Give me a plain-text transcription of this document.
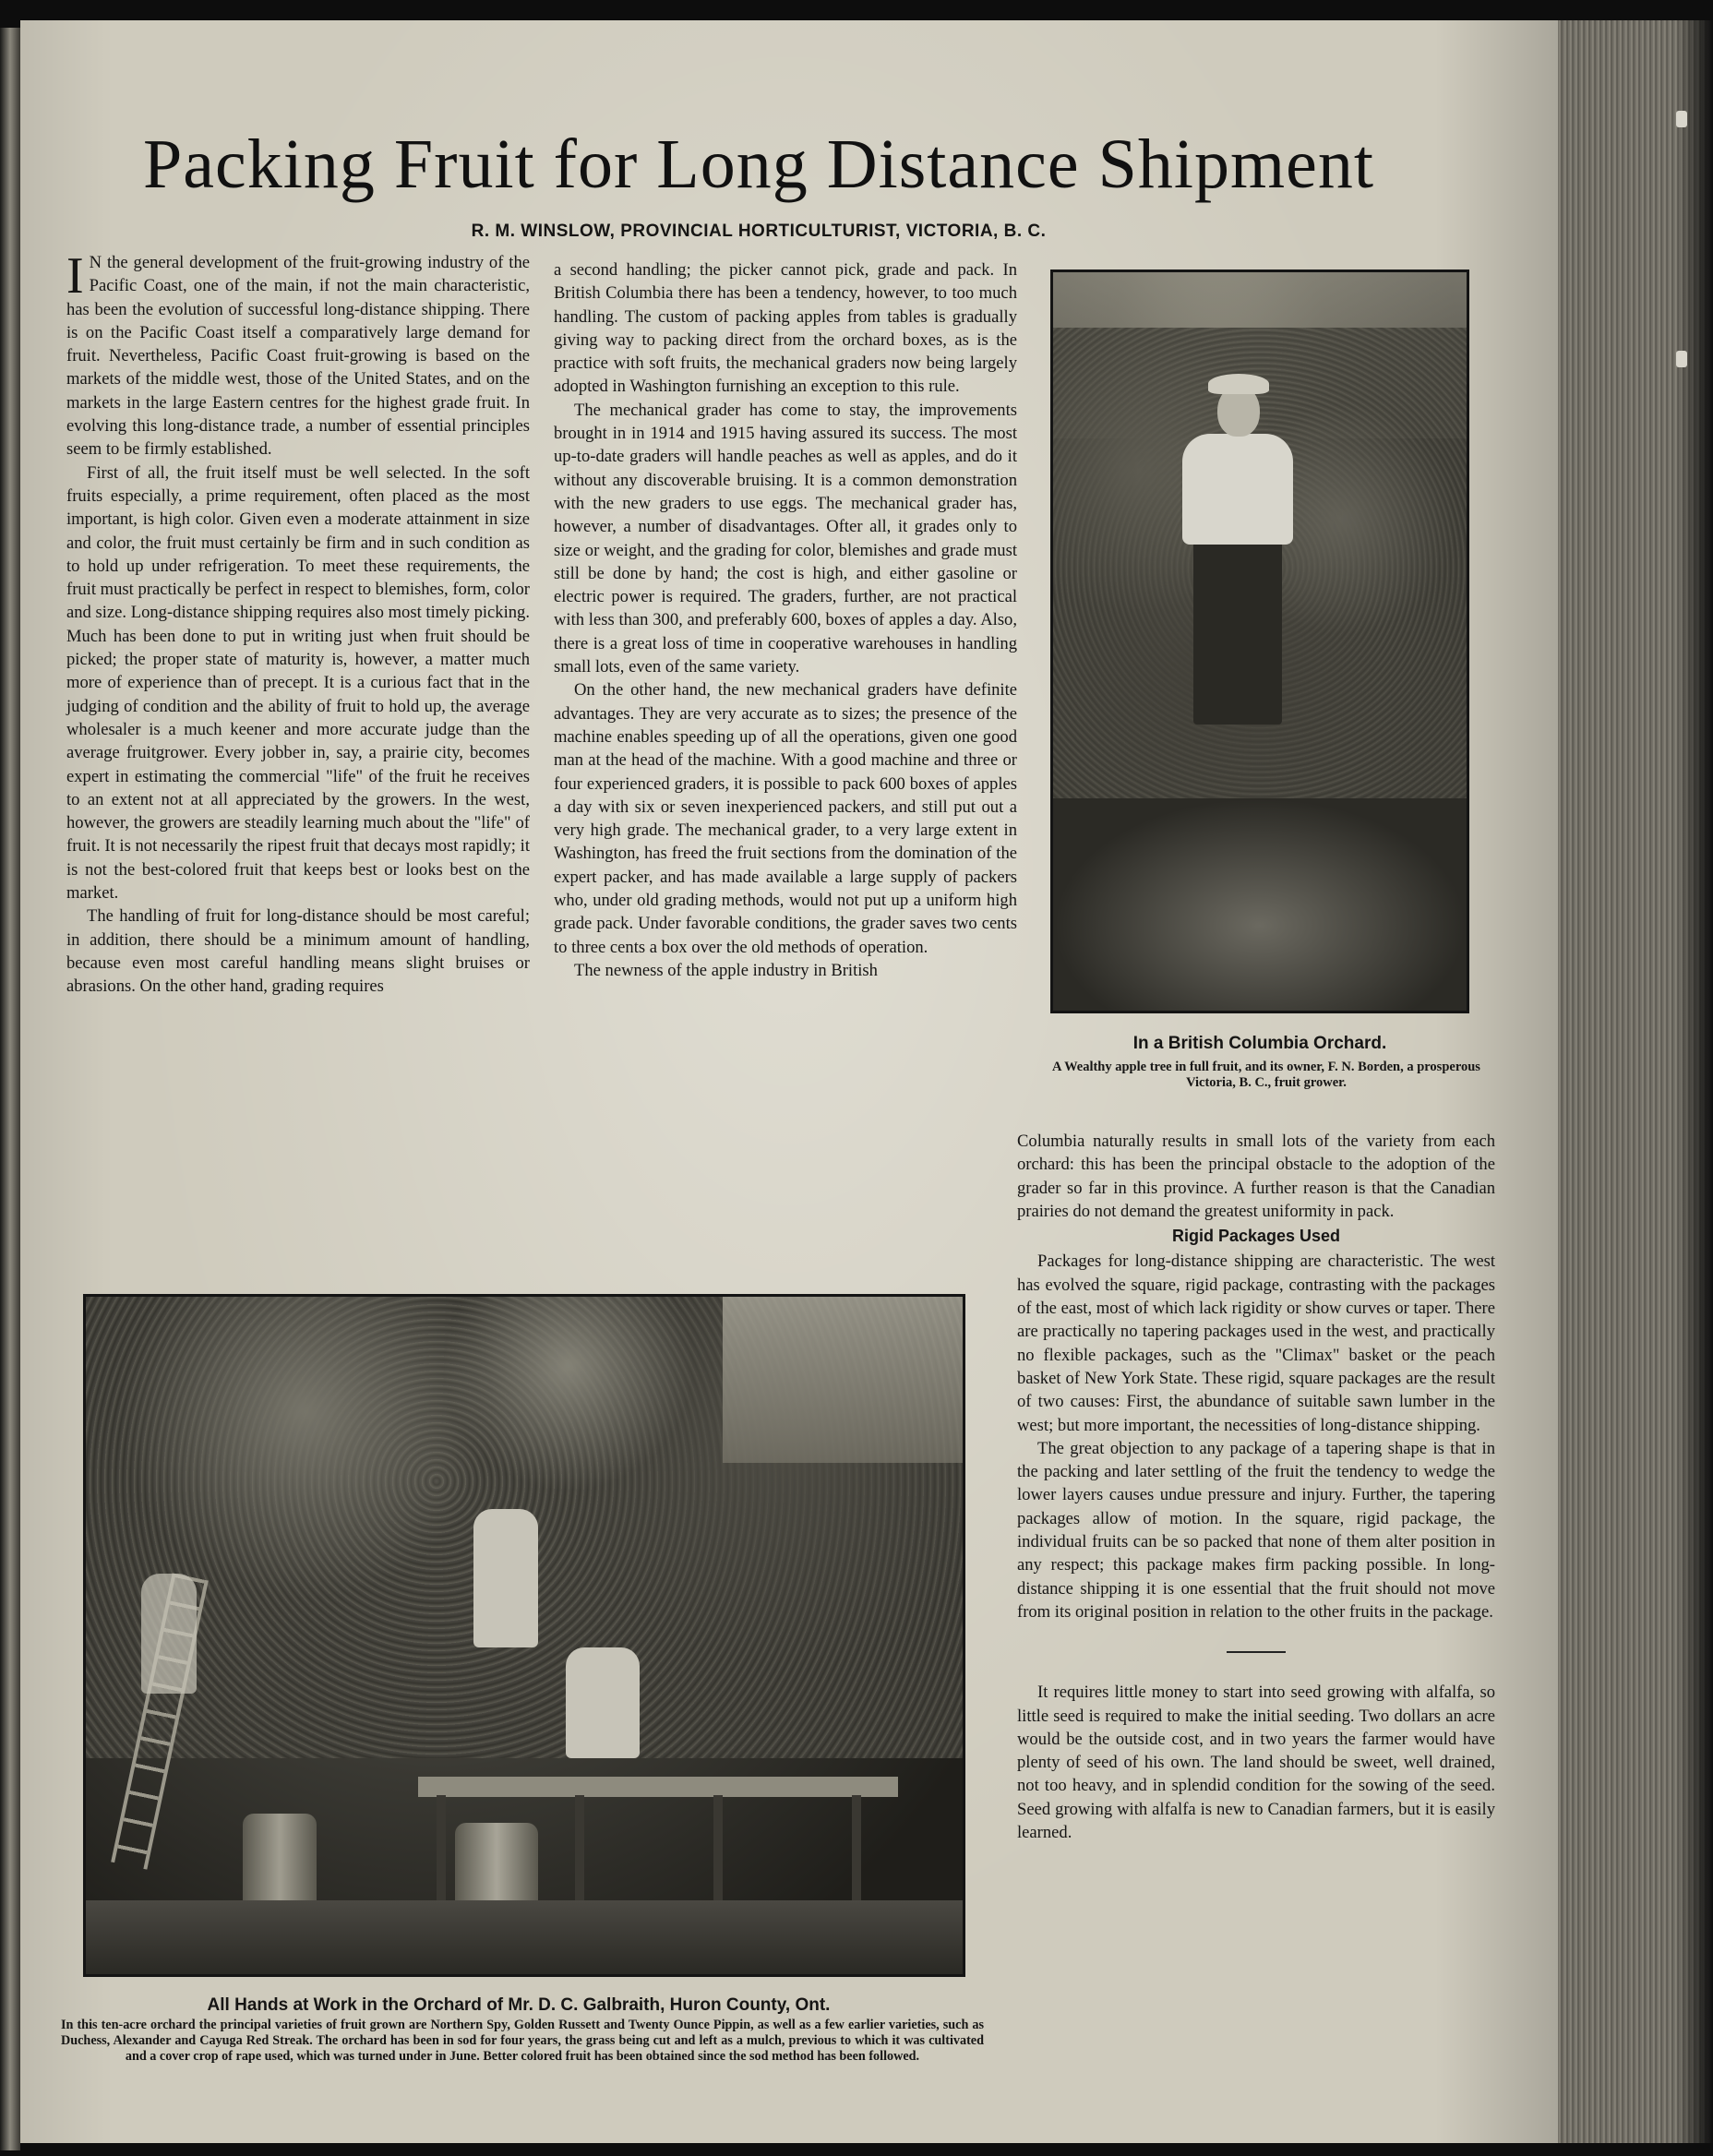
Packing Fruit for Long Distance Shipment
R. M. WINSLOW, PROVINCIAL HORTICULTURIST, VICTORIA, B. C.

I N the general development of the fruit-growing industry of the Pacific Coast, one of the main, if not the main characteristic, has been the evolution of successful long-distance shipping. There is on the Pacific Coast itself a comparatively large demand for fruit. Nevertheless, Pacific Coast fruit-growing is based on the markets of the middle west, those of the United States, and on the markets in the large Eastern centres for the highest grade fruit. In evolving this long-distance trade, a number of essential principles seem to be firmly established.

First of all, the fruit itself must be well selected. In the soft fruits especially, a prime requirement, often placed as the most important, is high color. Given even a moderate attainment in size and color, the fruit must certainly be firm and in such condition as to hold up under refrigeration. To meet these requirements, the fruit must practically be perfect in respect to blemishes, form, color and size. Long-distance shipping requires also most timely picking. Much has been done to put in writing just when fruit should be picked; the proper state of maturity is, however, a matter much more of experience than of precept. It is a curious fact that in the judging of condition and the ability of fruit to hold up, the average wholesaler is a much keener and more accurate judge than the average fruitgrower. Every jobber in, say, a prairie city, becomes expert in estimating the commercial "life" of the fruit he receives to an extent not at all appreciated by the growers. In the west, however, the growers are steadily learning much about the "life" of fruit. It is not necessarily the ripest fruit that decays most rapidly; it is not the best-colored fruit that keeps best or looks best on the market.

The handling of fruit for long-distance should be most careful; in addition, there should be a minimum amount of handling, because even most careful handling means slight bruises or abrasions. On the other hand, grading requires

a second handling; the picker cannot pick, grade and pack. In British Columbia there has been a tendency, however, to too much handling. The custom of packing apples from tables is gradually giving way to packing direct from the orchard boxes, as is the practice with soft fruits, the mechanical graders now being largely adopted in Washington furnishing an exception to this rule.

The mechanical grader has come to stay, the improvements brought in in 1914 and 1915 having assured its success. The most up-to-date graders will handle peaches as well as apples, and do it without any discoverable bruising. It is a common demonstration with the new graders to use eggs. The mechanical grader has, however, a number of disadvantages. Ofter all, it grades only to size or weight, and the grading for color, blemishes and grade must still be done by hand; the cost is high, and either gasoline or electric power is required. The graders, further, are not practical with less than 300, and preferably 600, boxes of apples a day. Also, there is a great loss of time in cooperative warehouses in handling small lots, even of the same variety.

On the other hand, the new mechanical graders have definite advantages. They are very accurate as to sizes; the presence of the machine enables speeding up of all the operations, given one good man at the head of the machine. With a good machine and three or four experienced graders, it is possible to pack 600 boxes of apples a day with six or seven inexperienced packers, and still put out a very high grade. The mechanical grader, to a very large extent in Washington, has freed the fruit sections from the domination of the expert packer, and has made available a large supply of packers who, under old grading methods, would not put up a uniform high grade pack. Under favorable conditions, the grader saves two cents to three cents a box over the old methods of operation.

The newness of the apple industry in British

In a British Columbia Orchard.
A Wealthy apple tree in full fruit, and its owner, F. N. Borden, a prosperous Victoria, B. C., fruit grower.

Columbia naturally results in small lots of the variety from each orchard: this has been the principal obstacle to the adoption of the grader so far in this province. A further reason is that the Canadian prairies do not demand the greatest uniformity in pack.

Rigid Packages Used

Packages for long-distance shipping are characteristic. The west has evolved the square, rigid package, contrasting with the packages of the east, most of which lack rigidity or show curves or taper. There are practically no tapering packages used in the west, and practically no flexible packages, such as the "Climax" basket or the peach basket of New York State. These rigid, square packages are the result of two causes: First, the abundance of suitable sawn lumber in the west; but more important, the necessities of long-distance shipping.

The great objection to any package of a tapering shape is that in the packing and later settling of the fruit the tendency to wedge the lower layers causes undue pressure and injury. Further, the tapering packages allow of motion. In the square, rigid package, the individual fruits can be so packed that none of them alter position in any respect; this package makes firm packing possible. In long-distance shipping it is one essential that the fruit should not move from its original position in relation to the other fruits in the package.

It requires little money to start into seed growing with alfalfa, so little seed is required to make the initial seeding. Two dollars an acre would be the outside cost, and in two years the farmer would have plenty of seed of his own. The land should be sweet, well drained, not too heavy, and in splendid condition for the sowing of the seed. Seed growing with alfalfa is new to Canadian farmers, but it is easily learned.

All Hands at Work in the Orchard of Mr. D. C. Galbraith, Huron County, Ont.
In this ten-acre orchard the principal varieties of fruit grown are Northern Spy, Golden Russett and Twenty Ounce Pippin, as well as a few earlier varieties, such as Duchess, Alexander and Cayuga Red Streak. The orchard has been in sod for four years, the grass being cut and left as a mulch, previous to which it was cultivated and a cover crop of rape used, which was turned under in June. Better colored fruit has been obtained since the sod method has been followed.
